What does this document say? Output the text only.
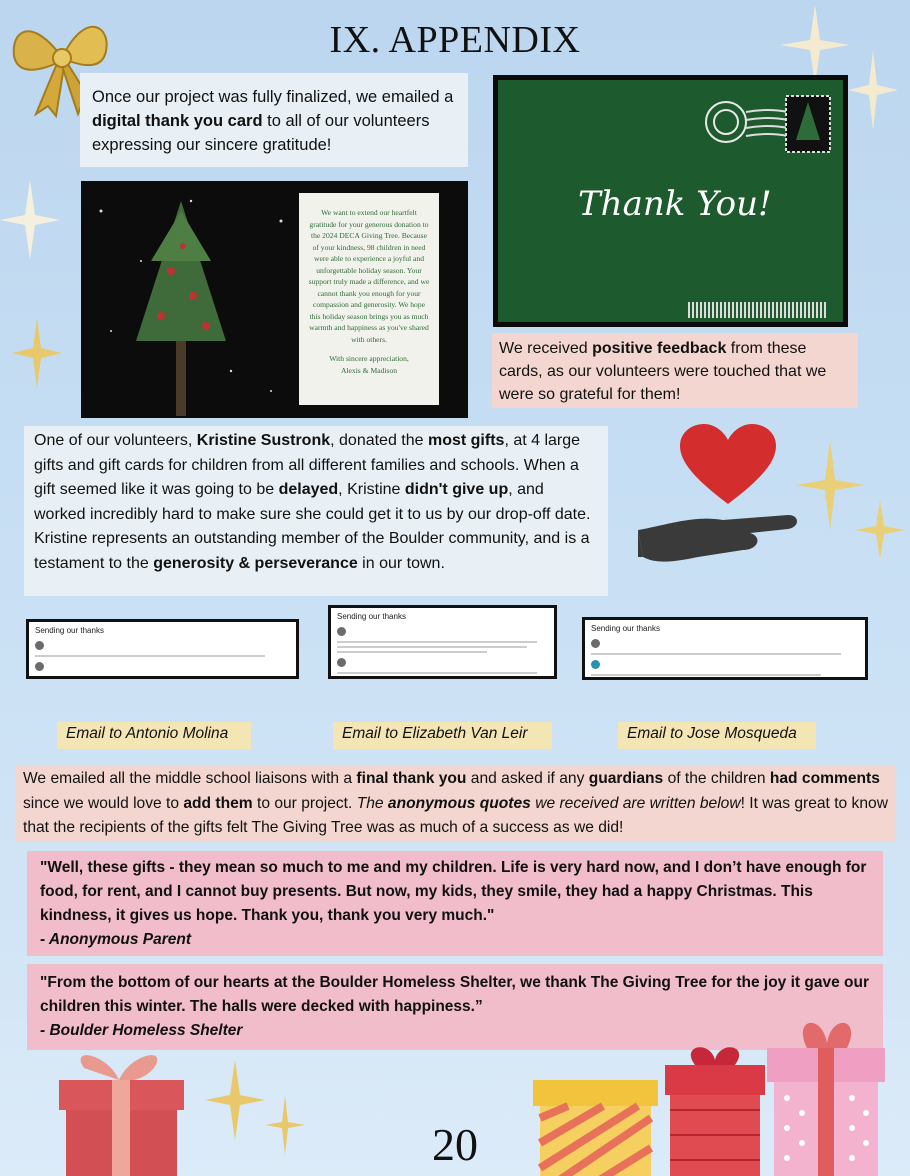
IX. APPENDIX
Once our project was fully finalized, we emailed a digital thank you card to all of our volunteers expressing our sincere gratitude!
Thank You!
We want to extend our heartfelt gratitude for your generous donation to the 2024 DECA Giving Tree. Because of your kindness, 98 children in need were able to experience a joyful and unforgettable holiday season. Your support truly made a difference, and we cannot thank you enough for your compassion and generosity. We hope this holiday season brings you as much warmth and happiness as you've shared with others.
With sincere appreciation,
Alexis & Madison
We received positive feedback from these cards, as our volunteers were touched that we were so grateful for them!
One of our volunteers, Kristine Sustronk, donated the most gifts, at 4 large gifts and gift cards for children from all different families and schools. When a gift seemed like it was going to be delayed, Kristine didn't give up, and worked incredibly hard to make sure she could get it to us by our drop-off date. Kristine represents an outstanding member of the Boulder community, and is a testament to the generosity & perseverance in our town.
Sending our thanks
Sending our thanks
Sending our thanks
Email to Antonio Molina	Email to Elizabeth Van Leir	Email to Jose Mosqueda
We emailed all the middle school liaisons with a final thank you and asked if any guardians of the children had comments since we would love to add them to our project. The anonymous quotes we received are written below! It was great to know that the recipients of the gifts felt The Giving Tree was as much of a success as we did!
"Well, these gifts - they mean so much to me and my children. Life is very hard now, and I don’t have enough for food, for rent, and I cannot buy presents. But now, my kids, they smile, they had a happy Christmas. This kindness, it gives us hope. Thank you, thank you very much."
- Anonymous Parent
"From the bottom of our hearts at the Boulder Homeless Shelter, we thank The Giving Tree for the joy it gave our children this winter. The halls were decked with happiness.”
- Boulder Homeless Shelter
20
